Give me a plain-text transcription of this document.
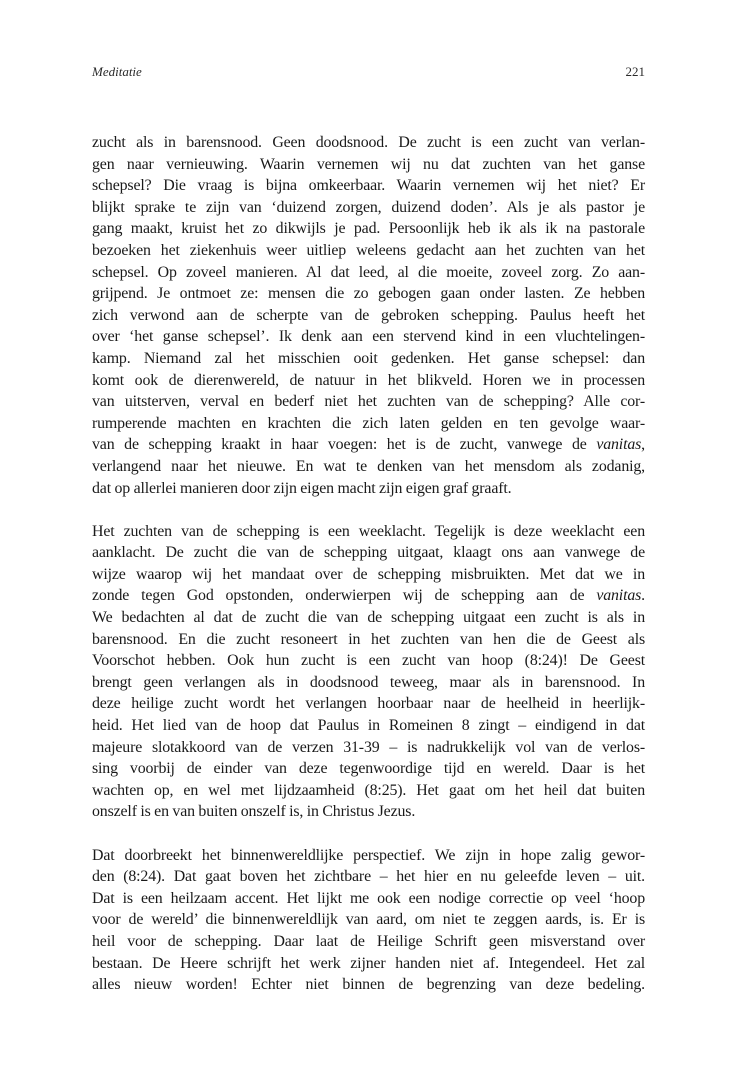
Meditatie	221

zucht als in barensnood. Geen doodsnood. De zucht is een zucht van verlan-
gen naar vernieuwing. Waarin vernemen wij nu dat zuchten van het ganse
schepsel? Die vraag is bijna omkeerbaar. Waarin vernemen wij het niet? Er
blijkt sprake te zijn van ‘duizend zorgen, duizend doden’. Als je als pastor je
gang maakt, kruist het zo dikwijls je pad. Persoonlijk heb ik als ik na pastorale
bezoeken het ziekenhuis weer uitliep weleens gedacht aan het zuchten van het
schepsel. Op zoveel manieren. Al dat leed, al die moeite, zoveel zorg. Zo aan-
grijpend. Je ontmoet ze: mensen die zo gebogen gaan onder lasten. Ze hebben
zich verwond aan de scherpte van de gebroken schepping. Paulus heeft het
over ‘het ganse schepsel’. Ik denk aan een stervend kind in een vluchtelingen-
kamp. Niemand zal het misschien ooit gedenken. Het ganse schepsel: dan
komt ook de dierenwereld, de natuur in het blikveld. Horen we in processen
van uitsterven, verval en bederf niet het zuchten van de schepping? Alle cor-
rumperende machten en krachten die zich laten gelden en ten gevolge waar-
van de schepping kraakt in haar voegen: het is de zucht, vanwege de vanitas,
verlangend naar het nieuwe. En wat te denken van het mensdom als zodanig,
dat op allerlei manieren door zijn eigen macht zijn eigen graf graaft.

Het zuchten van de schepping is een weeklacht. Tegelijk is deze weeklacht een
aanklacht. De zucht die van de schepping uitgaat, klaagt ons aan vanwege de
wijze waarop wij het mandaat over de schepping misbruikten. Met dat we in
zonde tegen God opstonden, onderwierpen wij de schepping aan de vanitas.
We bedachten al dat de zucht die van de schepping uitgaat een zucht is als in
barensnood. En die zucht resoneert in het zuchten van hen die de Geest als
Voorschot hebben. Ook hun zucht is een zucht van hoop (8:24)! De Geest
brengt geen verlangen als in doodsnood teweeg, maar als in barensnood. In
deze heilige zucht wordt het verlangen hoorbaar naar de heelheid in heerlijk-
heid. Het lied van de hoop dat Paulus in Romeinen 8 zingt – eindigend in dat
majeure slotakkoord van de verzen 31-39 – is nadrukkelijk vol van de verlos-
sing voorbij de einder van deze tegenwoordige tijd en wereld. Daar is het
wachten op, en wel met lijdzaamheid (8:25). Het gaat om het heil dat buiten
onszelf is en van buiten onszelf is, in Christus Jezus.

Dat doorbreekt het binnenwereldlijke perspectief. We zijn in hope zalig gewor-
den (8:24). Dat gaat boven het zichtbare – het hier en nu geleefde leven – uit.
Dat is een heilzaam accent. Het lijkt me ook een nodige correctie op veel ‘hoop
voor de wereld’ die binnenwereldlijk van aard, om niet te zeggen aards, is. Er is
heil voor de schepping. Daar laat de Heilige Schrift geen misverstand over
bestaan. De Heere schrijft het werk zijner handen niet af. Integendeel. Het zal
alles nieuw worden! Echter niet binnen de begrenzing van deze bedeling.
